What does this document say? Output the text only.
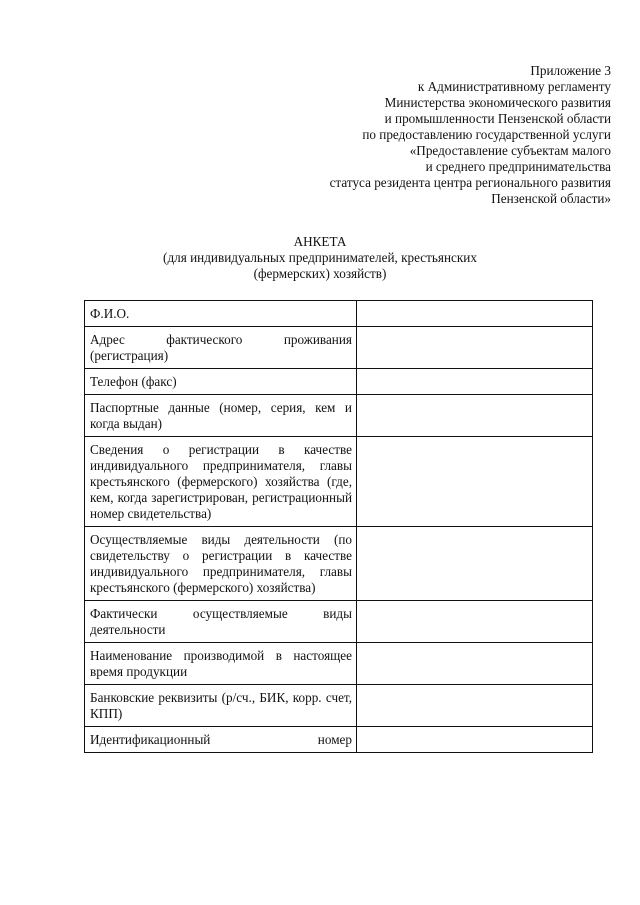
Приложение 3
к Административному регламенту
Министерства экономического развития
и промышленности Пензенской области
по предоставлению государственной услуги
«Предоставление субъектам малого
и среднего предпринимательства
статуса резидента центра регионального развития
Пензенской области»
АНКЕТА
(для индивидуальных предпринимателей, крестьянских
(фермерских) хозяйств)
Ф.И.О.	
Адрес фактического проживания (регистрация)	
Телефон (факс)	
Паспортные данные (номер, серия, кем и когда выдан)	
Сведения о регистрации в качестве индивидуального предпринимателя, главы крестьянского (фермерского) хозяйства (где, кем, когда зарегистрирован, регистрационный номер свидетельства)	
Осуществляемые виды деятельности (по свидетельству о регистрации в качестве индивидуального предпринимателя, главы крестьянского (фермерского) хозяйства)	
Фактически осуществляемые виды деятельности	
Наименование производимой в настоящее время продукции	
Банковские реквизиты (р/сч., БИК, корр. счет, КПП)	
Идентификационный номер	
